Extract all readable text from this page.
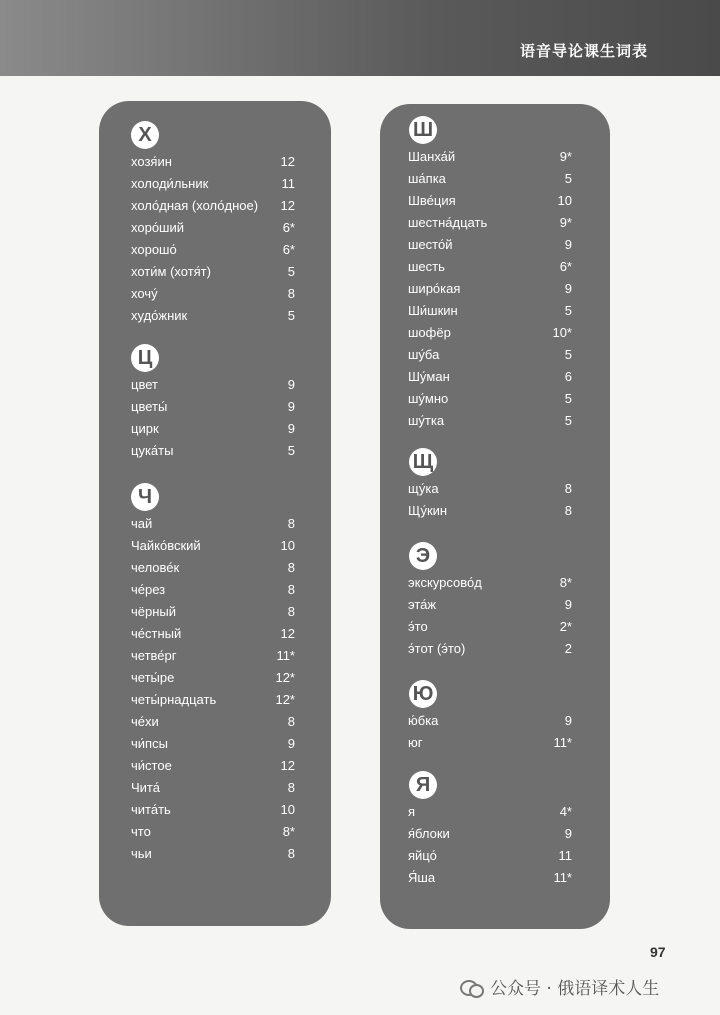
语音导论课生词表
Х
хозя́ин	12
холоди́льник	11
холо́дная (холо́дное) 12
хоро́ший	6*
хорошо́	6*
хоти́м (хотя́т)	5
хочу́	8
худо́жник	5
Ц
цвет	9
цветы́	9
цирк	9
цука́ты	5
Ч
чай	8
Чайко́вский	10
челове́к	8
че́рез	8
чёрный	8
че́стный	12
четве́рг	11*
четы́ре	12*
четы́рнадцать	12*
че́хи	8
чи́псы	9
чи́стое	12
Чита́	8
чита́ть	10
что	8*
чьи	8
Ш
Шанха́й	9*
ша́пка	5
Шве́ция	10
шестна́дцать	9*
шесто́й	9
шесть	6*
широ́кая	9
Ши́шкин	5
шофёр	10*
шу́ба	5
Шу́ман	6
шу́мно	5
шу́тка	5
Щ
щу́ка	8
Щу́кин	8
Э
экскурсово́д	8*
эта́ж	9
э́то	2*
э́тот (э́то)	2
Ю
ю́бка	9
юг	11*
Я
я	4*
я́блоки	9
яйцо́	11
Я́ша	11*
97
公众号 · 俄语译术人生
